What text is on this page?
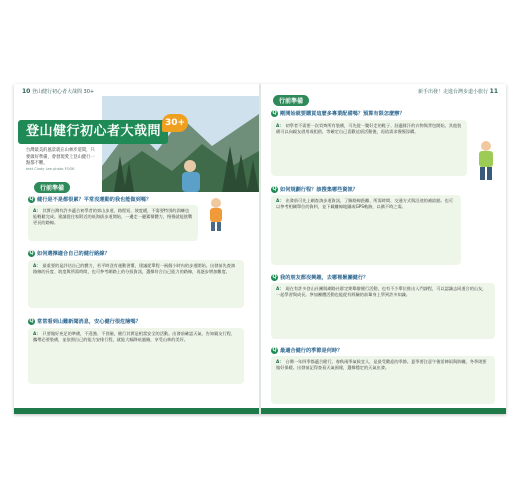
10 登山健行初心者大哉問 30+
登山健行初心者大哉問
30+
台灣最美的風景就在山林步道間，只要做好準備，會發現愛上登山健行一點都不難。
text Cindy Lee photo FOOK
行前準備
Q 健行是不是都很累？平常沒運動的我也能做到嗎？
A： 其實台灣有許多適合初學者的郊山步道，路程短、坡度緩，不需要特別的訓練也能輕鬆完成。建議從住家附近的低海拔步道開始，一邊走一邊累積體力，慢慢就能挑戰更長的路線。
Q 如何選擇適合自己的健行路線？
A： 最重要的是評估自己的體力，若平時沒有運動習慣，建議從單程一兩個小時內的步道開始。出發前先查詢路線的長度、坡度與所需時間，也可參考網路上的分級資訊，選擇符合自己能力的路線，再逐步增加難度。
Q 常常看到山難新聞消息，安心健行很危險嗎？
A： 只要做好充足的準備，不逞強、不冒險，健行其實是相當安全的活動。出發前確認天氣、告知親友行程、攜帶必要裝備，並依照自己的能力安排行程，就能大幅降低風險，享受山林的美好。
新手出發！走進台灣步道小旅行 11
行前準備
Q 剛開始就要購買這麼多專業配備嗎？預算有限怎麼辦？
A： 初學者不需要一次買齊所有裝備，可先從一雙好走的鞋子、舒適排汗的衣物與背包開始。其他裝備可以向親友借用或租借，等確定自己喜歡這項活動後，再依需求慢慢添購。
Q 如何規劃行程？該搜集哪些資訊？
A： 出發前可先上網查詢步道資訊，了解路線距離、所需時間、交通方式與沿途的補給點。也可以參考相關單位的資料，並下載離線地圖或GPS軌跡，以備不時之需。
Q 我的朋友都沒興趣，去哪裡揪團健行？
A： 現在有許多登山社團與網路社群定期舉辦健行活動，也有不少單位推出入門課程，可以認識志同道合的山友，一起學習與成長。參加團體活動也能從有經驗的前輩身上學到許多知識。
Q 最適合健行的季節是何時？
A： 台灣一年四季都適合健行，春秋兩季氣候宜人，是最受歡迎的季節。夏季要注意午後雷陣雨與防曬，冬季則要做好保暖。出發前記得查看天氣預報，選擇穩定的天氣出發。
